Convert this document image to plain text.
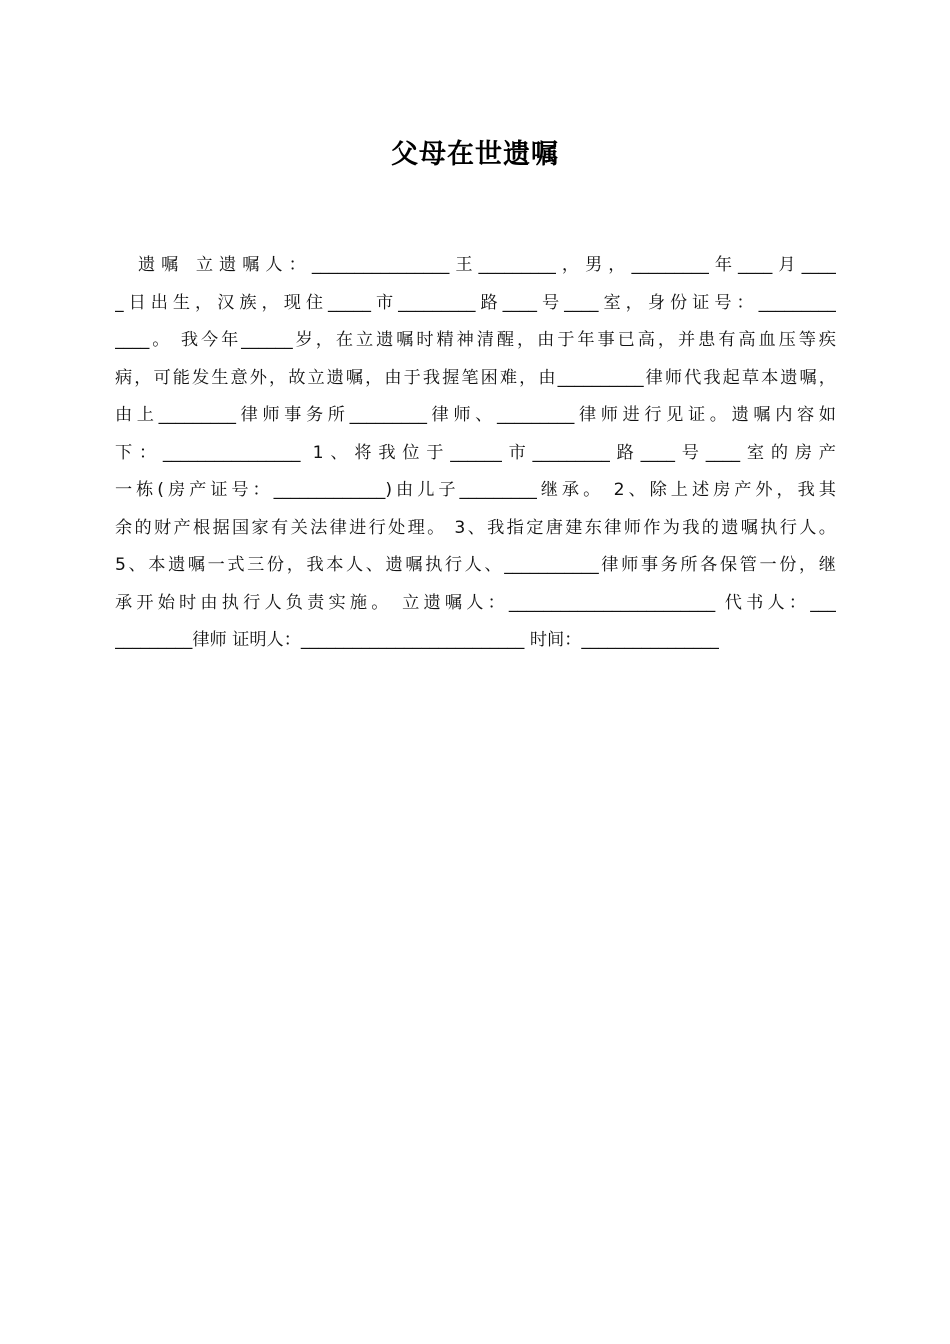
父母在世遗嘱
遗嘱 立遗嘱人：________________王_________，男，_________年____月____
_日出生，汉族，现住_____市_________路____号____室，身份证号：_________
____。 我今年______岁，在立遗嘱时精神清醒，由于年事已高，并患有高血压等疾
病，可能发生意外，故立遗嘱，由于我握笔困难，由__________律师代我起草本遗嘱，
由上_________律师事务所_________律师、_________律师进行见证。遗嘱内容如
下：________________ 1、将我位于______市_________路____号____室的房产
一栋(房产证号：_____________)由儿子_________继承。 2、除上述房产外，我其
余的财产根据国家有关法律进行处理。 3、我指定唐建东律师作为我的遗嘱执行人。
5、本遗嘱一式三份，我本人、遗嘱执行人、___________律师事务所各保管一份，继
承开始时由执行人负责实施。 立遗嘱人：________________________ 代书人：___
_________律师 证明人：__________________________ 时间：________________
